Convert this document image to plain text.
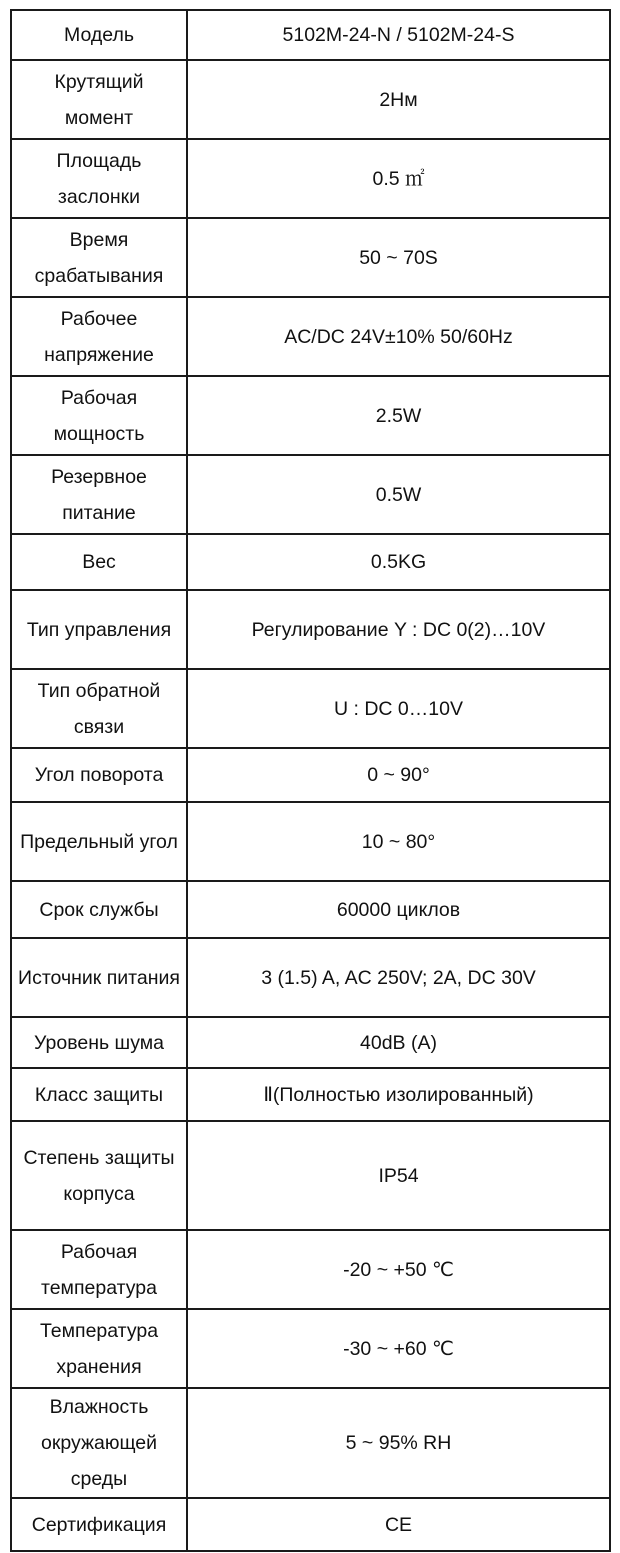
Модель	5102M-24-N / 5102M-24-S
Крутящий момент	2Нм
Площадь заслонки	0.5 ㎡
Время срабатывания	50 ~ 70S
Рабочее напряжение	AC/DC 24V±10% 50/60Hz
Рабочая мощность	2.5W
Резервное питание	0.5W
Вес	0.5KG
Тип управления	Регулирование Y : DC 0(2)…10V
Тип обратной связи	U : DC 0…10V
Угол поворота	0 ~ 90°
Предельный угол	10 ~ 80°
Срок службы	60000 циклов
Источник питания	3 (1.5) A, AC 250V; 2A, DC 30V
Уровень шума	40dB (A)
Класс защиты	Ⅱ(Полностью изолированный)
Степень защиты корпуса	IP54
Рабочая температура	-20 ~ +50 ℃
Температура хранения	-30 ~ +60 ℃
Влажность окружающей среды	5 ~ 95% RH
Сертификация	CE
